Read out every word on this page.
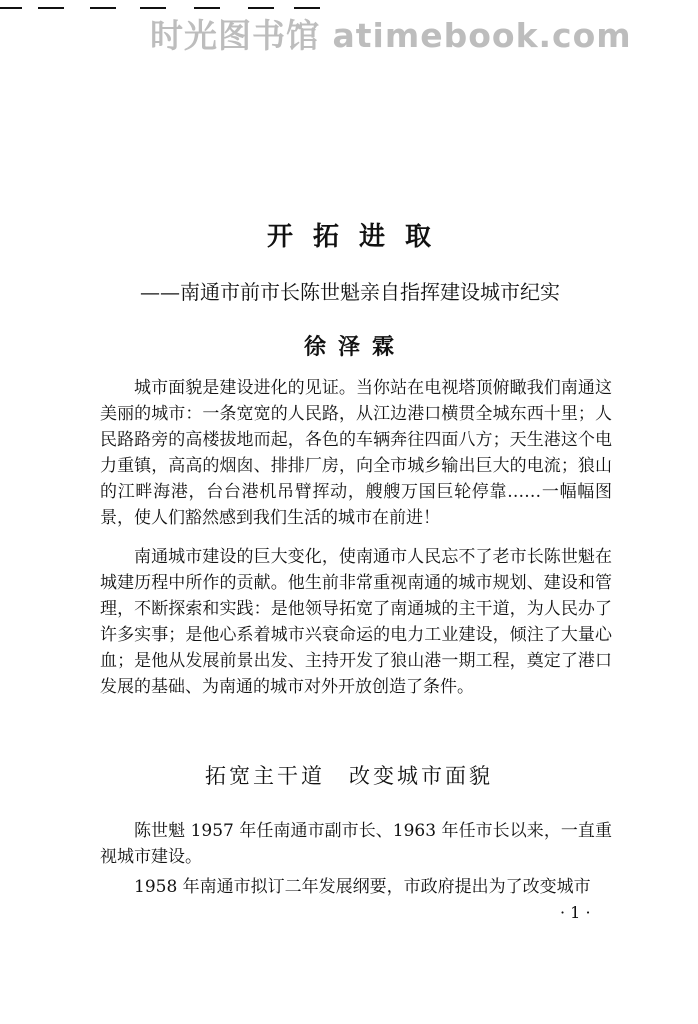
时光图书馆 atimebook.com
开拓进取
——南通市前市长陈世魁亲自指挥建设城市纪实
徐泽霖

城市面貌是建设进化的见证。当你站在电视塔顶俯瞰我们南通这美丽的城市：一条宽宽的人民路，从江边港口横贯全城东西十里；人民路路旁的高楼拔地而起，各色的车辆奔往四面八方；天生港这个电力重镇，高高的烟囱、排排厂房，向全市城乡输出巨大的电流；狼山的江畔海港，台台港机吊臂挥动，艘艘万国巨轮停靠……一幅幅图景，使人们豁然感到我们生活的城市在前进！

南通城市建设的巨大变化，使南通市人民忘不了老市长陈世魁在城建历程中所作的贡献。他生前非常重视南通的城市规划、建设和管理，不断探索和实践：是他领导拓宽了南通城的主干道，为人民办了许多实事；是他心系着城市兴衰命运的电力工业建设，倾注了大量心血；是他从发展前景出发、主持开发了狼山港一期工程，奠定了港口发展的基础、为南通的城市对外开放创造了条件。

拓宽主干道　改变城市面貌

陈世魁 1957 年任南通市副市长、1963 年任市长以来，一直重视城市建设。

1958 年南通市拟订二年发展纲要，市政府提出为了改变城市

· 1 ·
